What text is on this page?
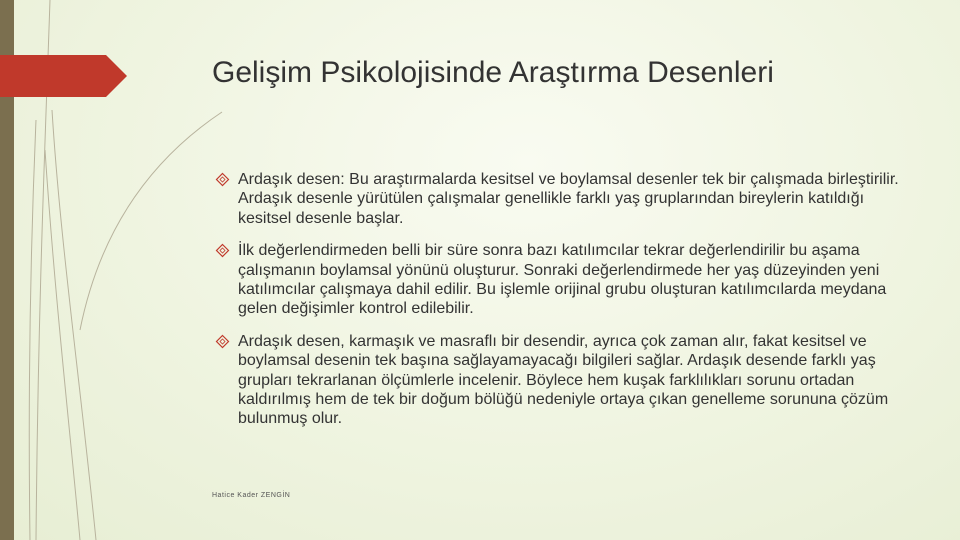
Gelişim Psikolojisinde Araştırma Desenleri
Ardaşık desen: Bu araştırmalarda kesitsel ve boylamsal desenler tek bir çalışmada birleştirilir. Ardaşık desenle yürütülen çalışmalar genellikle farklı yaş gruplarından bireylerin katıldığı kesitsel desenle başlar.
İlk değerlendirmeden belli bir süre sonra bazı katılımcılar tekrar değerlendirilir bu aşama çalışmanın boylamsal yönünü oluşturur. Sonraki değerlendirmede her yaş düzeyinden yeni katılımcılar çalışmaya dahil edilir. Bu işlemle orijinal grubu oluşturan katılımcılarda meydana gelen değişimler kontrol edilebilir.
Ardaşık desen, karmaşık ve masraflı bir desendir, ayrıca çok zaman alır, fakat kesitsel ve boylamsal desenin tek başına sağlayamayacağı bilgileri sağlar. Ardaşık desende farklı yaş grupları tekrarlanan ölçümlerle incelenir. Böylece hem kuşak farklılıkları sorunu ortadan kaldırılmış hem de tek bir doğum bölüğü nedeniyle ortaya çıkan genelleme sorununa çözüm bulunmuş olur.
Hatice Kader ZENGİN
